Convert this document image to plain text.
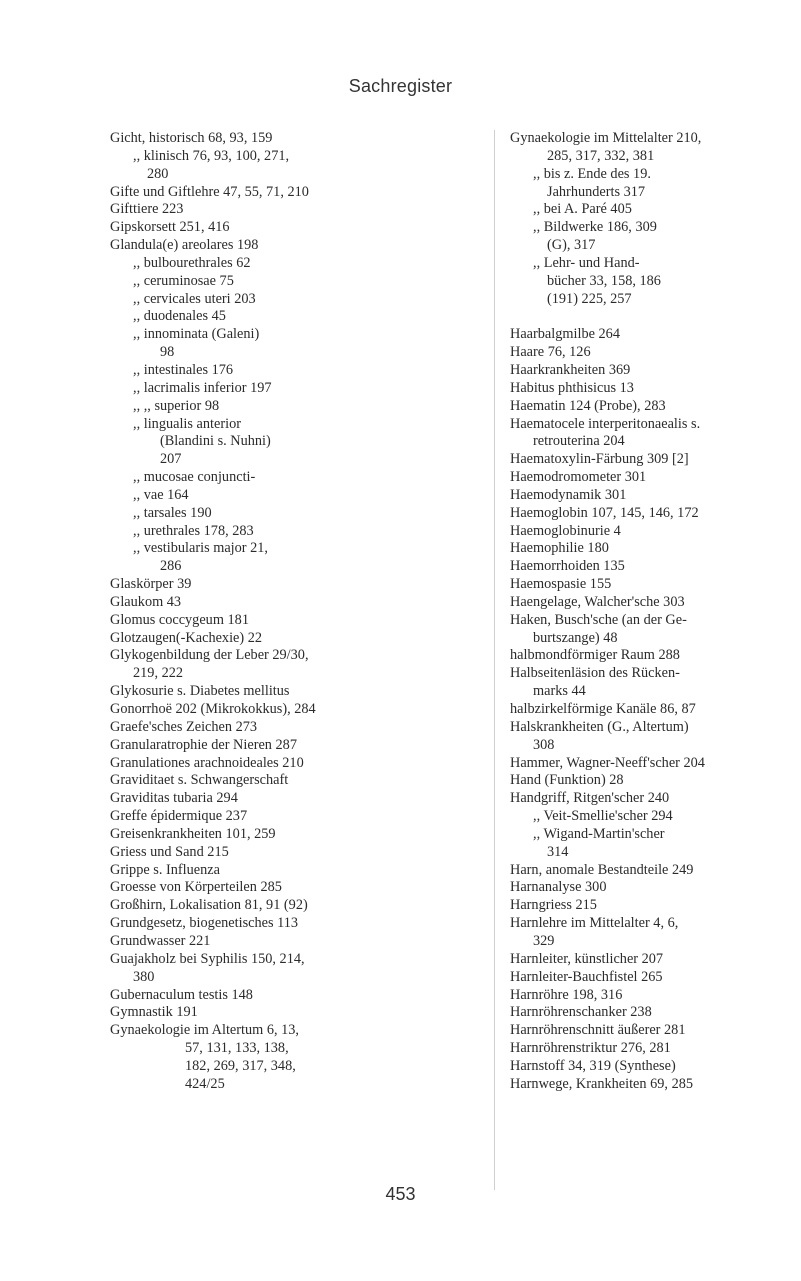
Sachregister
Gicht, historisch 68, 93, 159
,, klinisch 76, 93, 100, 271,
280
Gifte und Giftlehre 47, 55, 71, 210
Gifttiere 223
Gipskorsett 251, 416
Glandula(e) areolares 198
,, bulbourethrales 62
,, ceruminosae 75
,, cervicales uteri 203
,, duodenales 45
,, innominata (Galeni)
98
,, intestinales 176
,, lacrimalis inferior 197
,, ,, superior 98
,, lingualis anterior
(Blandini s. Nuhni)
207
,, mucosae conjuncti-
,, vae 164
,, tarsales 190
,, urethrales 178, 283
,, vestibularis major 21,
286
Glaskörper 39
Glaukom 43
Glomus coccygeum 181
Glotzaugen(-Kachexie) 22
Glykogenbildung der Leber 29/30,
219, 222
Glykosurie s. Diabetes mellitus
Gonorrhoë 202 (Mikrokokkus), 284
Graefe'sches Zeichen 273
Granularatrophie der Nieren 287
Granulationes arachnoideales 210
Graviditaet s. Schwangerschaft
Graviditas tubaria 294
Greffe épidermique 237
Greisenkrankheiten 101, 259
Griess und Sand 215
Grippe s. Influenza
Groesse von Körperteilen 285
Großhirn, Lokalisation 81, 91 (92)
Grundgesetz, biogenetisches 113
Grundwasser 221
Guajakholz bei Syphilis 150, 214,
380
Gubernaculum testis 148
Gymnastik 191
Gynaekologie im Altertum 6, 13,
57, 131, 133, 138,
182, 269, 317, 348,
424/25
Gynaekologie im Mittelalter 210,
285, 317, 332, 381
,, bis z. Ende des 19.
Jahrhunderts 317
,, bei A. Paré 405
,, Bildwerke 186, 309
(G), 317
,, Lehr- und Hand-
bücher 33, 158, 186
(191) 225, 257
Haarbalgmilbe 264
Haare 76, 126
Haarkrankheiten 369
Habitus phthisicus 13
Haematin 124 (Probe), 283
Haematocele interperitonaealis s.
retrouterina 204
Haematoxylin-Färbung 309 [2]
Haemodromometer 301
Haemodynamik 301
Haemoglobin 107, 145, 146, 172
Haemoglobinurie 4
Haemophilie 180
Haemorrhoiden 135
Haemospasie 155
Haengelage, Walcher'sche 303
Haken, Busch'sche (an der Ge-
burtszange) 48
halbmondförmiger Raum 288
Halbseitenläsion des Rücken-
marks 44
halbzirkelförmige Kanäle 86, 87
Halskrankheiten (G., Altertum)
308
Hammer, Wagner-Neeff'scher 204
Hand (Funktion) 28
Handgriff, Ritgen'scher 240
,, Veit-Smellie'scher 294
,, Wigand-Martin'scher
314
Harn, anomale Bestandteile 249
Harnanalyse 300
Harngriess 215
Harnlehre im Mittelalter 4, 6,
329
Harnleiter, künstlicher 207
Harnleiter-Bauchfistel 265
Harnröhre 198, 316
Harnröhrenschanker 238
Harnröhrenschnitt äußerer 281
Harnröhrenstriktur 276, 281
Harnstoff 34, 319 (Synthese)
Harnwege, Krankheiten 69, 285
453
